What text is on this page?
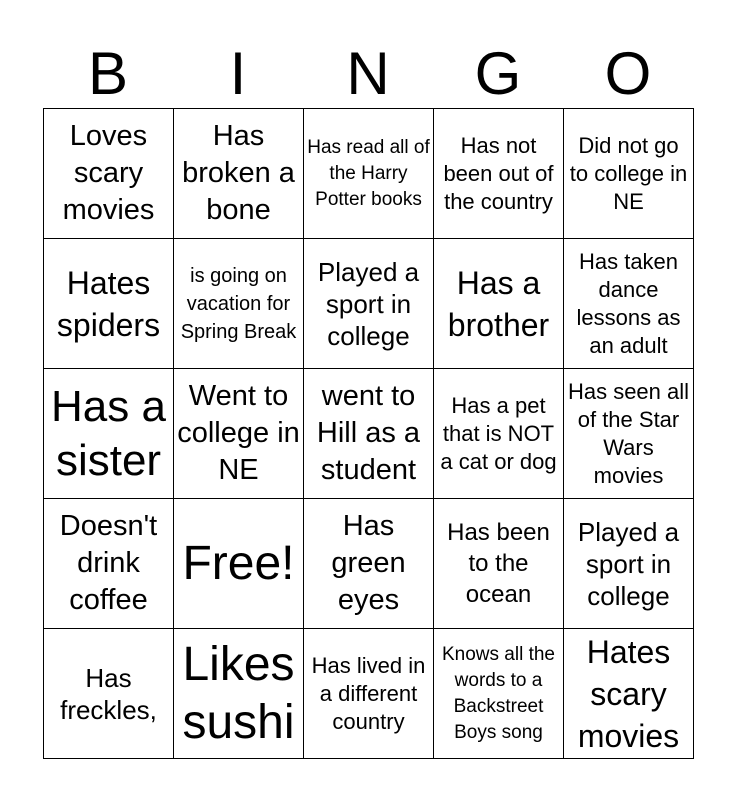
B	I	N	G	O
Loves scary movies	Has broken a bone	Has read all of the Harry Potter books	Has not been out of the country	Did not go to college in NE
Hates spiders	is going on vacation for Spring Break	Played a sport in college	Has a brother	Has taken dance lessons as an adult
Has a sister	Went to college in NE	went to Hill as a student	Has a pet that is NOT a cat or dog	Has seen all of the Star Wars movies
Doesn't drink coffee	Free!	Has green eyes	Has been to the ocean	Played a sport in college
Has freckles,	Likes sushi	Has lived in a different country	Knows all the words to a Backstreet Boys song	Hates scary movies
